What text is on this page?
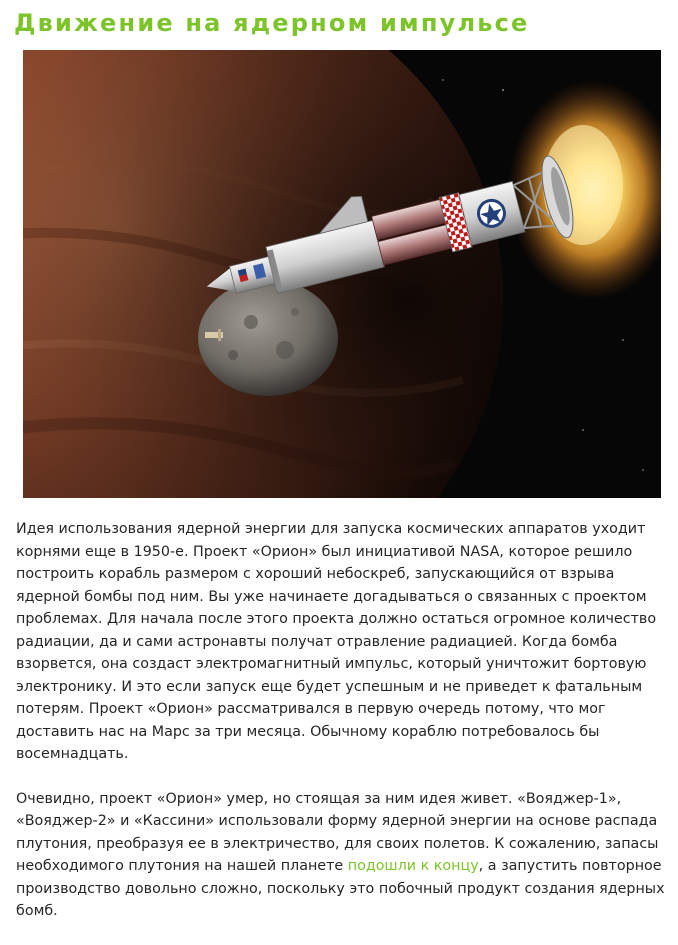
Движение на ядерном импульсе

Идея использования ядерной энергии для запуска космических аппаратов уходит корнями еще в 1950-е. Проект «Орион» был инициативой NASA, которое решило построить корабль размером с хороший небоскреб, запускающийся от взрыва ядерной бомбы под ним. Вы уже начинаете догадываться о связанных с проектом проблемах. Для начала после этого проекта должно остаться огромное количество радиации, да и сами астронавты получат отравление радиацией. Когда бомба взорвется, она создаст электромагнитный импульс, который уничтожит бортовую электронику. И это если запуск еще будет успешным и не приведет к фатальным потерям. Проект «Орион» рассматривался в первую очередь потому, что мог доставить нас на Марс за три месяца. Обычному кораблю потребовалось бы восемнадцать.

Очевидно, проект «Орион» умер, но стоящая за ним идея живет. «Вояджер-1», «Вояджер-2» и «Кассини» использовали форму ядерной энергии на основе распада плутония, преобразуя ее в электричество, для своих полетов. К сожалению, запасы необходимого плутония на нашей планете подошли к концу, а запустить повторное производство довольно сложно, поскольку это побочный продукт создания ядерных бомб.
